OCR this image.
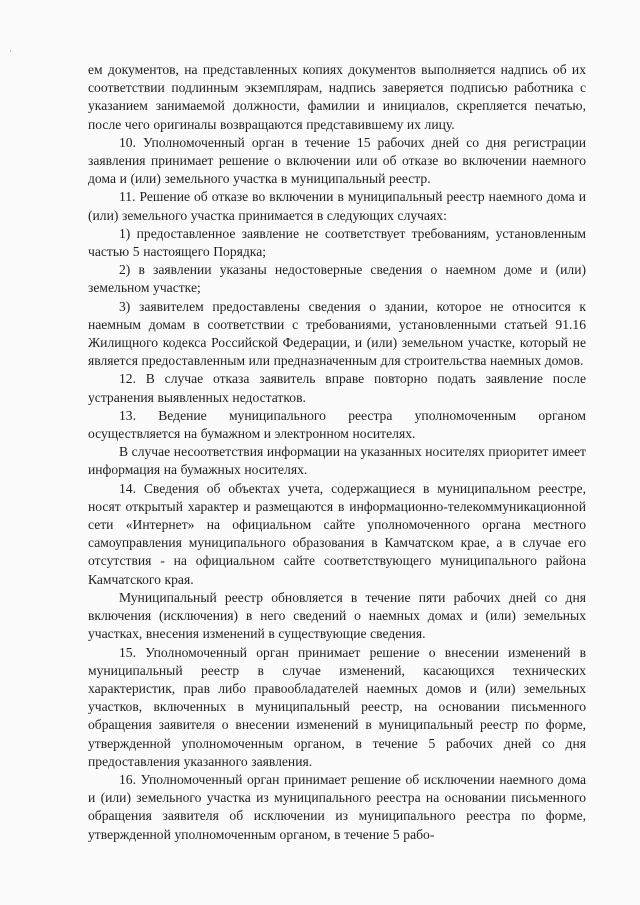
·

ем документов, на представленных копиях документов выполняется надпись об их соответствии подлинным экземплярам, надпись заверяется подписью работника с указанием занимаемой должности, фамилии и инициалов, скрепляется печатью, после чего оригиналы возвращаются представившему их лицу.

10. Уполномоченный орган в течение 15 рабочих дней со дня регистрации заявления принимает решение о включении или об отказе во включении наемного дома и (или) земельного участка в муниципальный реестр.

11. Решение об отказе во включении в муниципальный реестр наемного дома и (или) земельного участка принимается в следующих случаях:

1) предоставленное заявление не соответствует требованиям, установленным частью 5 настоящего Порядка;

2) в заявлении указаны недостоверные сведения о наемном доме и (или) земельном участке;

3) заявителем предоставлены сведения о здании, которое не относится к наемным домам в соответствии с требованиями, установленными статьей 91.16 Жилищного кодекса Российской Федерации, и (или) земельном участке, который не является предоставленным или предназначенным для строительства наемных домов.

12. В случае отказа заявитель вправе повторно подать заявление после устранения выявленных недостатков.

13. Ведение муниципального реестра уполномоченным органом осуществляется на бумажном и электронном носителях.

В случае несоответствия информации на указанных носителях приоритет имеет информация на бумажных носителях.

14. Сведения об объектах учета, содержащиеся в муниципальном реестре, носят открытый характер и размещаются в информационно-телекоммуникационной сети «Интернет» на официальном сайте уполномоченного органа местного самоуправления муниципального образования в Камчатском крае, а в случае его отсутствия - на официальном сайте соответствующего муниципального района Камчатского края.

Муниципальный реестр обновляется в течение пяти рабочих дней со дня включения (исключения) в него сведений о наемных домах и (или) земельных участках, внесения изменений в существующие сведения.

15. Уполномоченный орган принимает решение о внесении изменений в муниципальный реестр в случае изменений, касающихся технических характеристик, прав либо правообладателей наемных домов и (или) земельных участков, включенных в муниципальный реестр, на основании письменного обращения заявителя о внесении изменений в муниципальный реестр по форме, утвержденной уполномоченным органом, в течение 5 рабочих дней со дня предоставления указанного заявления.

16. Уполномоченный орган принимает решение об исключении наемного дома и (или) земельного участка из муниципального реестра на основании письменного обращения заявителя об исключении из муниципального реестра по форме, утвержденной уполномоченным органом, в течение 5 рабо-
